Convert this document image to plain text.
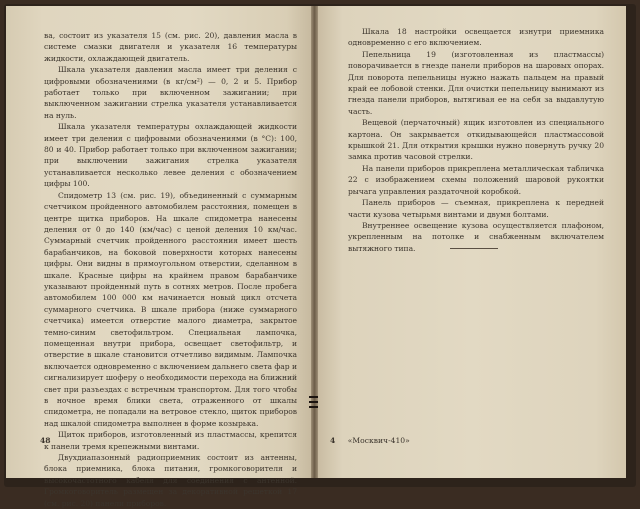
ва, состоит из указателя 15 (см. рис. 20), давления масла в системе смазки двигателя и указателя 16 температуры жидкости, охлаждающей двигатель.

Шкала указателя давления масла имеет три деления с цифровыми обозначениями (в кг/см²) — 0, 2 и 5. Прибор работает только при включенном зажигании; при выключенном зажигании стрелка указателя устанавливается на нуль.

Шкала указателя температуры охлаждающей жидкости имеет три деления с цифровыми обозначениями (в °C): 100, 80 и 40. Прибор работает только при включенном зажигании; при выключении зажигания стрелка указателя устанавливается несколько левее деления с обозначением цифры 100.

Спидометр 13 (см. рис. 19), объединенный с суммарным счетчиком пройденного автомобилем расстояния, помещен в центре щитка приборов. На шкале спидометра нанесены деления от 0 до 140 (км/час) с ценой деления 10 км/час. Суммарный счетчик пройденного расстояния имеет шесть барабанчиков, на боковой поверхности которых нанесены цифры. Они видны в прямоугольном отверстии, сделанном в шкале. Красные цифры на крайнем правом барабанчике указывают пройденный путь в сотнях метров. После пробега автомобилем 100 000 км начинается новый цикл отсчета суммарного счетчика. В шкале прибора (ниже суммарного счетчика) имеется отверстие малого диаметра, закрытое темно-синим светофильтром. Специальная лампочка, помещенная внутри прибора, освещает светофильтр, и отверстие в шкале становится отчетливо видимым. Лампочка включается одновременно с включением дальнего света фар и сигнализирует шоферу о необходимости перехода на ближний свет при разъездах с встречным транспортом. Для того чтобы в ночное время блики света, отраженного от шкалы спидометра, не попадали на ветровое стекло, щиток приборов над шкалой спидометра выполнен в форме козырька.

Щиток приборов, изготовленный из пластмассы, крепится к панели тремя крепежными винтами.

Двухдиапазонный радиоприемник состоит из антенны, блока приемника, блока питания, громкоговорителя и высокочастотного кабеля для соединения с антенной. Громкоговоритель размещен за декоративной решеткой 17 (см. рис. 20) панели приборов.

Шкала 18 настройки освещается изнутри приемника одновременно с его включением.

Пепельница 19 (изготовленная из пластмассы) поворачивается в гнезде панели приборов на шаровых опорах. Для поворота пепельницы нужно нажать пальцем на правый край ее лобовой стенки. Для очистки пепельницу вынимают из гнезда панели приборов, вытягивая ее на себя за выдавлутую часть.

Вещевой (перчаточный) ящик изготовлен из специального картона. Он закрывается откидывающейся пластмассовой крышкой 21. Для открытия крышки нужно повернуть ручку 20 замка против часовой стрелки.

На панели приборов прикреплена металлическая табличка 22 с изображением схемы положений шаровой рукоятки рычага управления раздаточной коробкой.

Панель приборов — съемная, прикреплена к передней части кузова четырьмя винтами и двумя болтами.

Внутреннее освещение кузова осуществляется плафоном, укрепленным на потолке и снабженным включателем вытяжного типа.

48	4 «Москвич-410»
